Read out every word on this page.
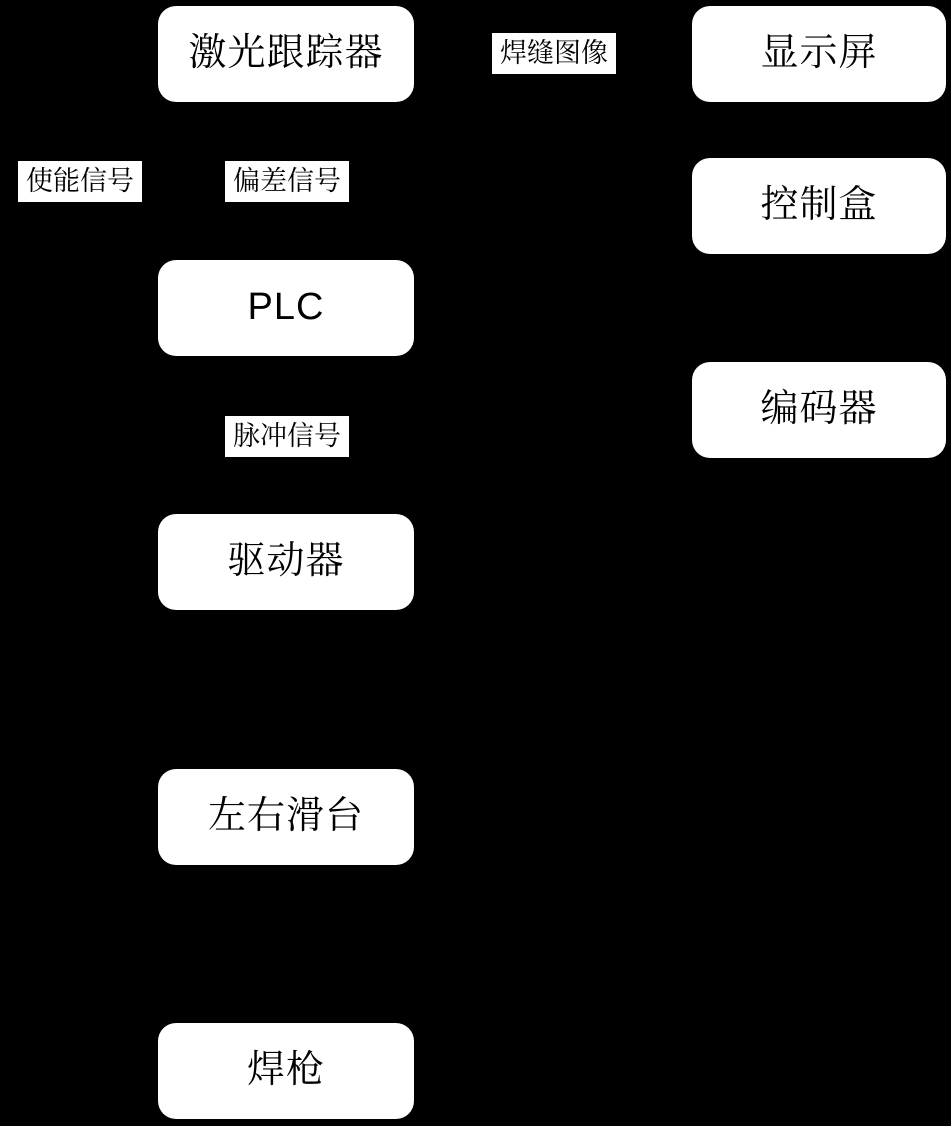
激光跟踪器	显示屏
控制盒
PLC
编码器
驱动器
左右滑台
焊枪
焊缝图像
使能信号	偏差信号
脉冲信号
